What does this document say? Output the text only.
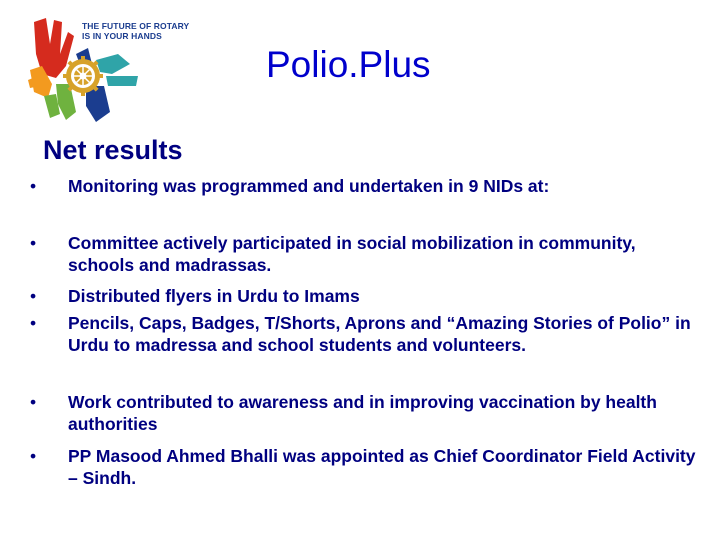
THE FUTURE OF ROTARY
IS IN YOUR HANDS
Polio.Plus
Net results
• Monitoring was programmed and undertaken in 9 NIDs at:
• Committee actively participated in social mobilization in community, schools and madrassas.
• Distributed flyers in Urdu to Imams
• Pencils, Caps, Badges, T/Shorts, Aprons and “Amazing Stories of Polio” in Urdu to madressa and school students and volunteers.
• Work contributed to awareness and in improving vaccination by health authorities
• PP Masood Ahmed Bhalli was appointed as Chief Coordinator Field Activity – Sindh.
